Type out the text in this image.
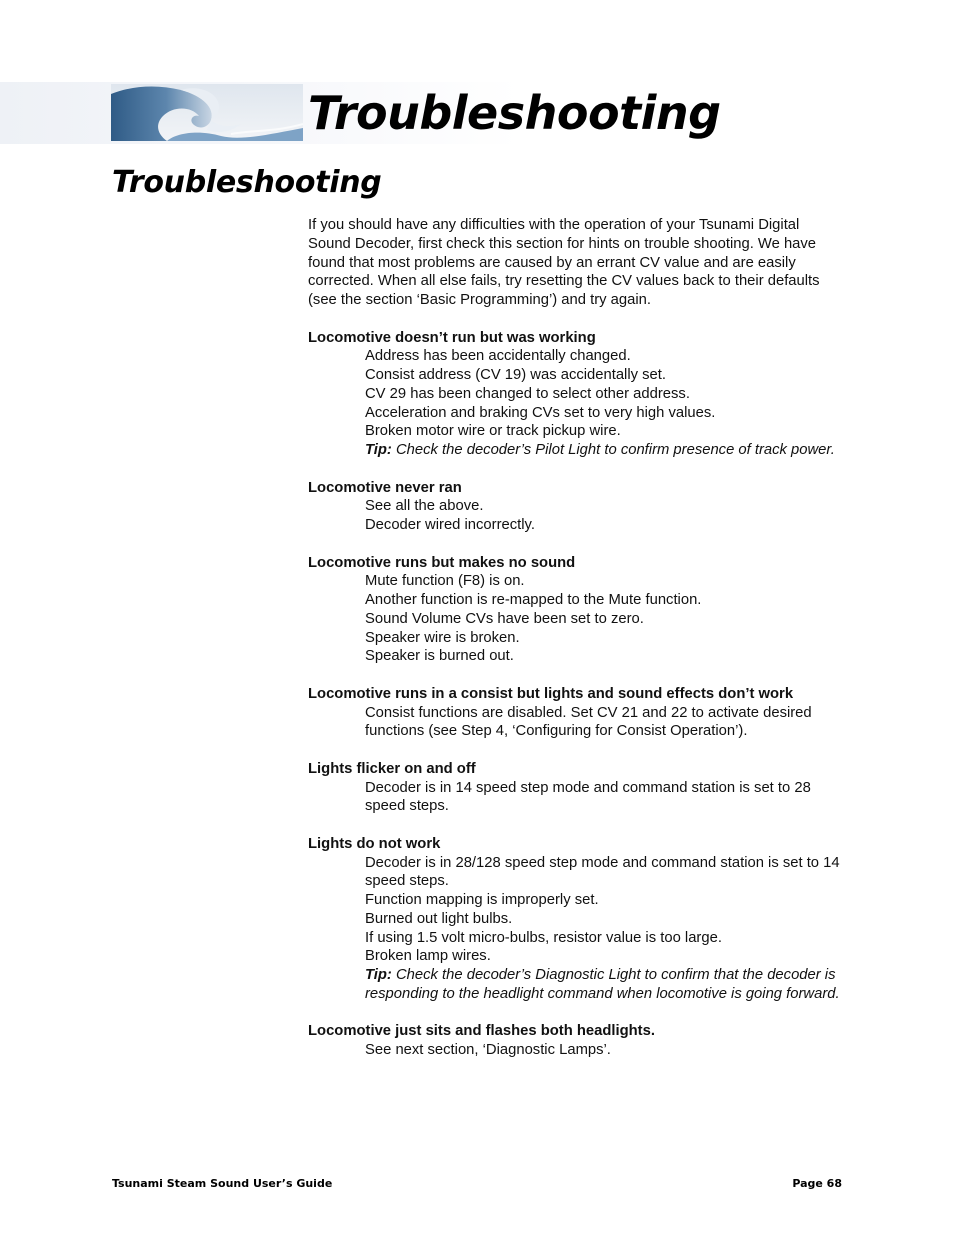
Troubleshooting
Troubleshooting

If you should have any difficulties with the operation of your Tsunami Digital Sound Decoder, first check this section for hints on trouble shooting. We have found that most problems are caused by an errant CV value and are easily corrected. When all else fails, try resetting the CV values back to their defaults (see the section ‘Basic Programming’) and try again.

Locomotive doesn’t run but was working
Address has been accidentally changed.
Consist address (CV 19) was accidentally set.
CV 29 has been changed to select other address.
Acceleration and braking CVs set to very high values.
Broken motor wire or track pickup wire.
Tip: Check the decoder’s Pilot Light to confirm presence of track power.
Locomotive never ran
See all the above.
Decoder wired incorrectly.
Locomotive runs but makes no sound
Mute function (F8) is on.
Another function is re-mapped to the Mute function.
Sound Volume CVs have been set to zero.
Speaker wire is broken.
Speaker is burned out.
Locomotive runs in a consist but lights and sound effects don’t work
Consist functions are disabled. Set CV 21 and 22 to activate desired functions (see Step 4, ‘Configuring for Consist Operation’).
Lights flicker on and off
Decoder is in 14 speed step mode and command station is set to 28 speed steps.
Lights do not work
Decoder is in 28/128 speed step mode and command station is set to 14 speed steps.
Function mapping is improperly set.
Burned out light bulbs.
If using 1.5 volt micro-bulbs, resistor value is too large.
Broken lamp wires.
Tip: Check the decoder’s Diagnostic Light to confirm that the decoder is responding to the headlight command when locomotive is going forward.
Locomotive just sits and flashes both headlights.
See next section, ‘Diagnostic Lamps’.
Tsunami Steam Sound User’s Guide	Page 68
